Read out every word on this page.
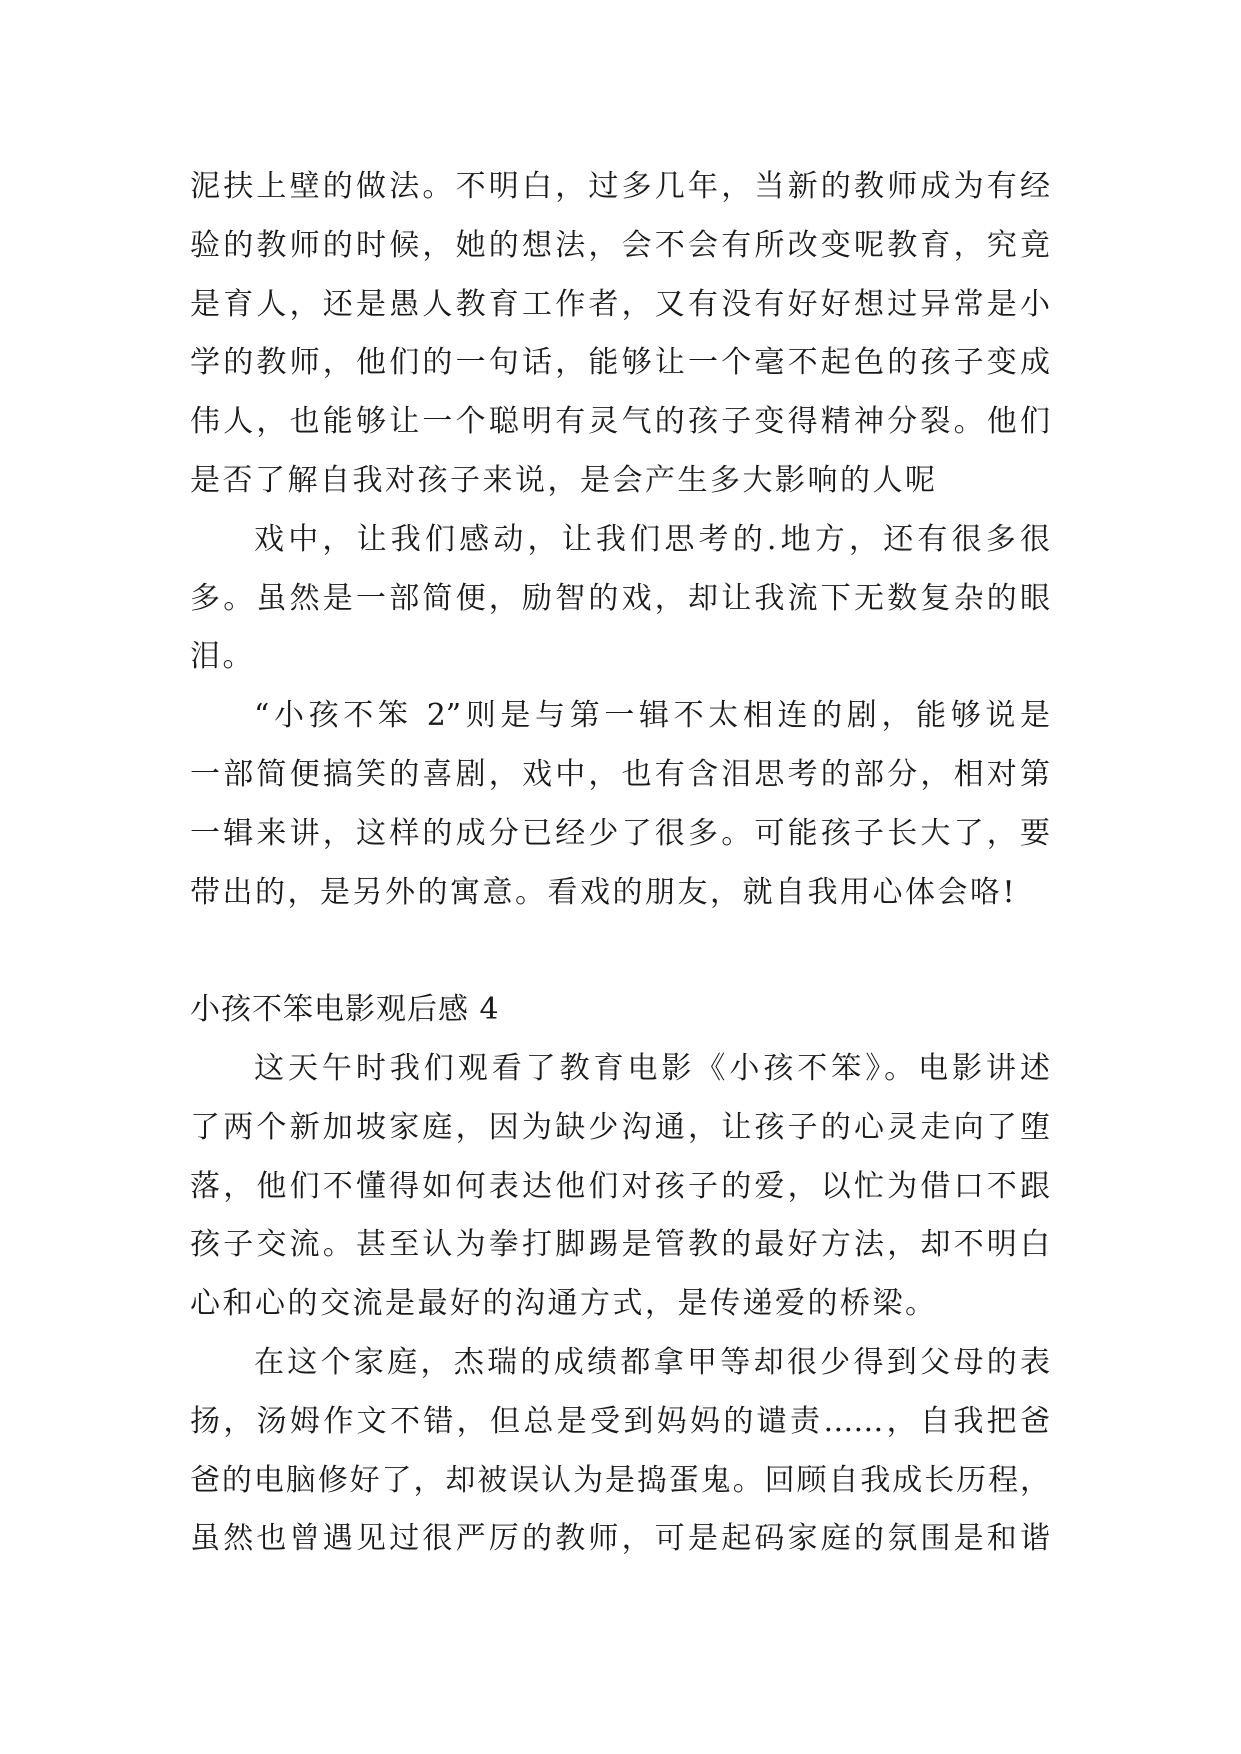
泥扶上壁的做法。不明白，过多几年，当新的教师成为有经
验的教师的时候，她的想法，会不会有所改变呢教育，究竟
是育人，还是愚人教育工作者，又有没有好好想过异常是小
学的教师，他们的一句话，能够让一个毫不起色的孩子变成
伟人，也能够让一个聪明有灵气的孩子变得精神分裂。他们
是否了解自我对孩子来说，是会产生多大影响的人呢
戏中，让我们感动，让我们思考的.地方，还有很多很
多。虽然是一部简便，励智的戏，却让我流下无数复杂的眼
泪。
“小孩不笨 2”则是与第一辑不太相连的剧，能够说是
一部简便搞笑的喜剧，戏中，也有含泪思考的部分，相对第
一辑来讲，这样的成分已经少了很多。可能孩子长大了，要
带出的，是另外的寓意。看戏的朋友，就自我用心体会咯!
小孩不笨电影观后感 4
这天午时我们观看了教育电影《小孩不笨》。电影讲述
了两个新加坡家庭，因为缺少沟通，让孩子的心灵走向了堕
落，他们不懂得如何表达他们对孩子的爱，以忙为借口不跟
孩子交流。甚至认为拳打脚踢是管教的最好方法，却不明白
心和心的交流是最好的沟通方式，是传递爱的桥梁。
在这个家庭，杰瑞的成绩都拿甲等却很少得到父母的表
扬，汤姆作文不错，但总是受到妈妈的谴责……，自我把爸
爸的电脑修好了，却被误认为是捣蛋鬼。回顾自我成长历程，
虽然也曾遇见过很严厉的教师，可是起码家庭的氛围是和谐
